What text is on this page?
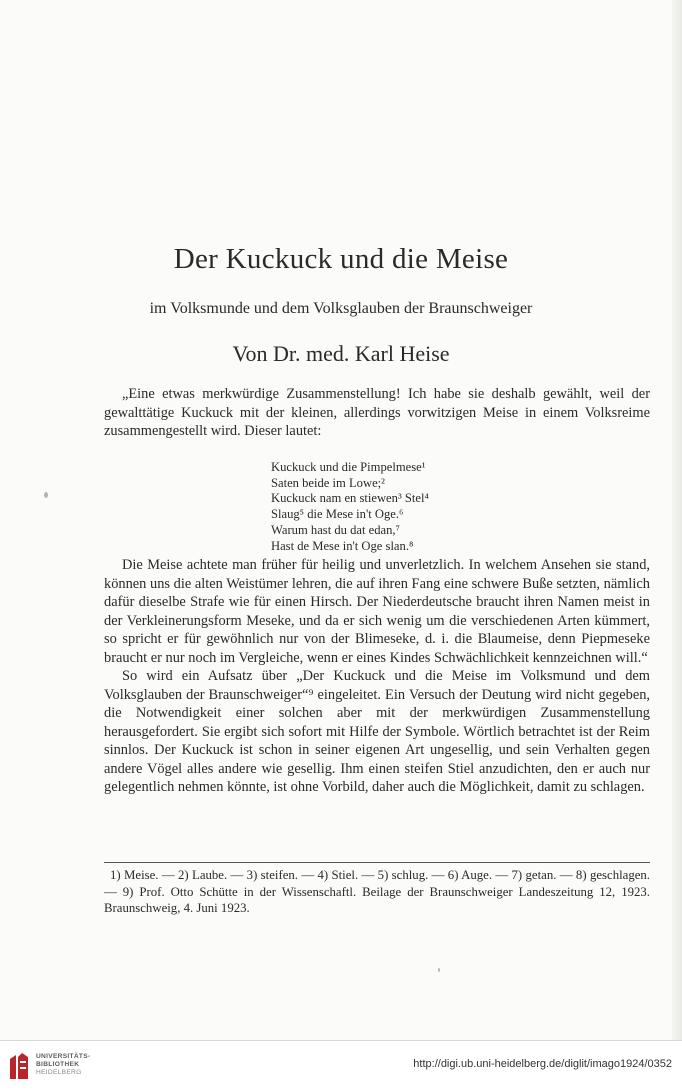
Der Kuckuck und die Meise
im Volksmunde und dem Volksglauben der Braunschweiger
Von Dr. med. Karl Heise

„Eine etwas merkwürdige Zusammenstellung! Ich habe sie deshalb gewählt, weil der gewalttätige Kuckuck mit der kleinen, allerdings vorwitzigen Meise in einem Volksreime zusammengestellt wird. Dieser lautet:

Kuckuck und die Pimpelmese¹
Saten beide im Lowe;²
Kuckuck nam en stiewen³ Stel⁴
Slaug⁵ die Mese in't Oge.⁶
Warum hast du dat edan,⁷
Hast de Mese in't Oge slan.⁸

Die Meise achtete man früher für heilig und unverletzlich. In welchem Ansehen sie stand, können uns die alten Weistümer lehren, die auf ihren Fang eine schwere Buße setzten, nämlich dafür dieselbe Strafe wie für einen Hirsch. Der Niederdeutsche braucht ihren Namen meist in der Verkleinerungsform Meseke, und da er sich wenig um die verschiedenen Arten kümmert, so spricht er für gewöhnlich nur von der Blimeseke, d. i. die Blaumeise, denn Piepmeseke braucht er nur noch im Vergleiche, wenn er eines Kindes Schwächlichkeit kennzeichnen will.“

So wird ein Aufsatz über „Der Kuckuck und die Meise im Volksmund und dem Volksglauben der Braunschweiger“⁹ eingeleitet. Ein Versuch der Deutung wird nicht gegeben, die Notwendigkeit einer solchen aber mit der merkwürdigen Zusammenstellung herausgefordert. Sie ergibt sich sofort mit Hilfe der Symbole. Wörtlich betrachtet ist der Reim sinnlos. Der Kuckuck ist schon in seiner eigenen Art ungesellig, und sein Verhalten gegen andere Vögel alles andere wie gesellig. Ihm einen steifen Stiel anzudichten, den er auch nur gelegentlich nehmen könnte, ist ohne Vorbild, daher auch die Möglichkeit, damit zu schlagen.

1) Meise. — 2) Laube. — 3) steifen. — 4) Stiel. — 5) schlug. — 6) Auge. — 7) getan. — 8) geschlagen. — 9) Prof. Otto Schütte in der Wissenschaftl. Beilage der Braunschweiger Landeszeitung 12, 1923. Braunschweig, 4. Juni 1923.

UNIVERSITÄTS-
BIBLIOTHEK
HEIDELBERG
http://digi.ub.uni-heidelberg.de/diglit/imago1924/0352
